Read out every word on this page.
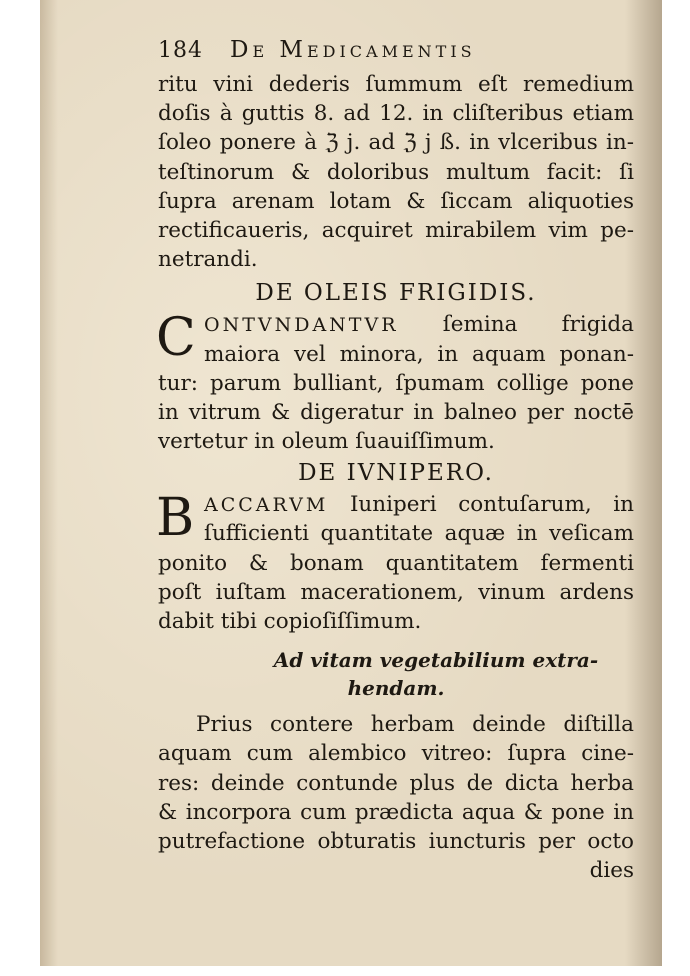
184	De Medicamentis
ritu vini dederis ſummum eſt remedium
doſis à guttis 8. ad 12. in cliſteribus etiam
ſoleo ponere à ℨ j. ad ℨ j ß. in vlceribus in-
teſtinorum & doloribus multum facit: ſi
ſupra arenam lotam & ſiccam aliquoties
rectificaueris, acquiret mirabilem vim pe-
netrandi.
DE OLEIS FRIGIDIS.
C ONTVNDANTVR ſemina frigida
maiora vel minora, in aquam ponan-
tur: parum bulliant, ſpumam collige pone
in vitrum & digeratur in balneo per noctē
vertetur in oleum ſuauiſſimum.
DE IVNIPERO.
B ACCARVM Iuniperi contuſarum, in
ſufficienti quantitate aquæ in veſicam
ponito & bonam quantitatem fermenti
poſt iuſtam macerationem, vinum ardens
dabit tibi copioſiſſimum.
Ad vitam vegetabilium extra-
hendam.
Prius contere herbam deinde diſtilla
aquam cum alembico vitreo: ſupra cine-
res: deinde contunde plus de dicta herba
& incorpora cum prædicta aqua & pone in
putrefactione obturatis iuncturis per octo
dies
